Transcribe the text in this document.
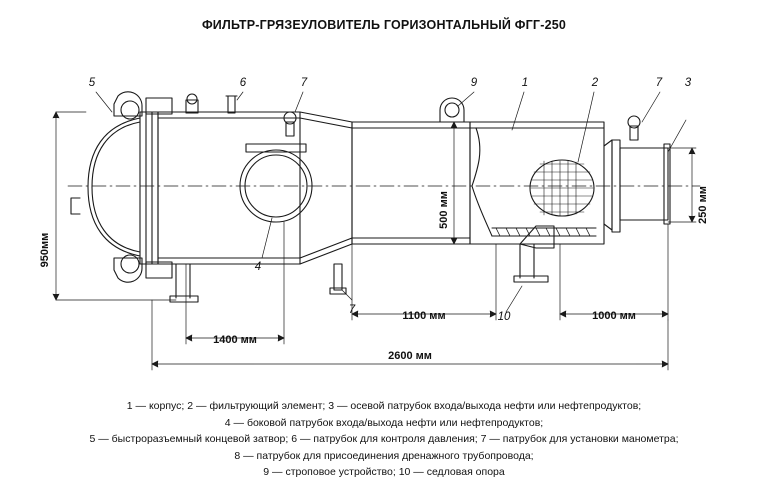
ФИЛЬТР-ГРЯЗЕУЛОВИТЕЛЬ ГОРИЗОНТАЛЬНЫЙ ФГГ-250
950мм
500 мм	250 мм
1400 мм
1100 мм	1000 мм
2600 мм
5	6	7	9	1	2	7 3
4
7
10
1 — корпус; 2 — фильтрующий элемент; 3 — осевой патрубок входа/выхода нефти или нефтепродуктов;
4 — боковой патрубок входа/выхода нефти или нефтепродуктов;
5 — быстроразъемный концевой затвор; 6 — патрубок для контроля давления; 7 — патрубок для установки манометра;
8 — патрубок для присоединения дренажного трубопровода;
9 — стpоповое устройство; 10 — седловая опора
